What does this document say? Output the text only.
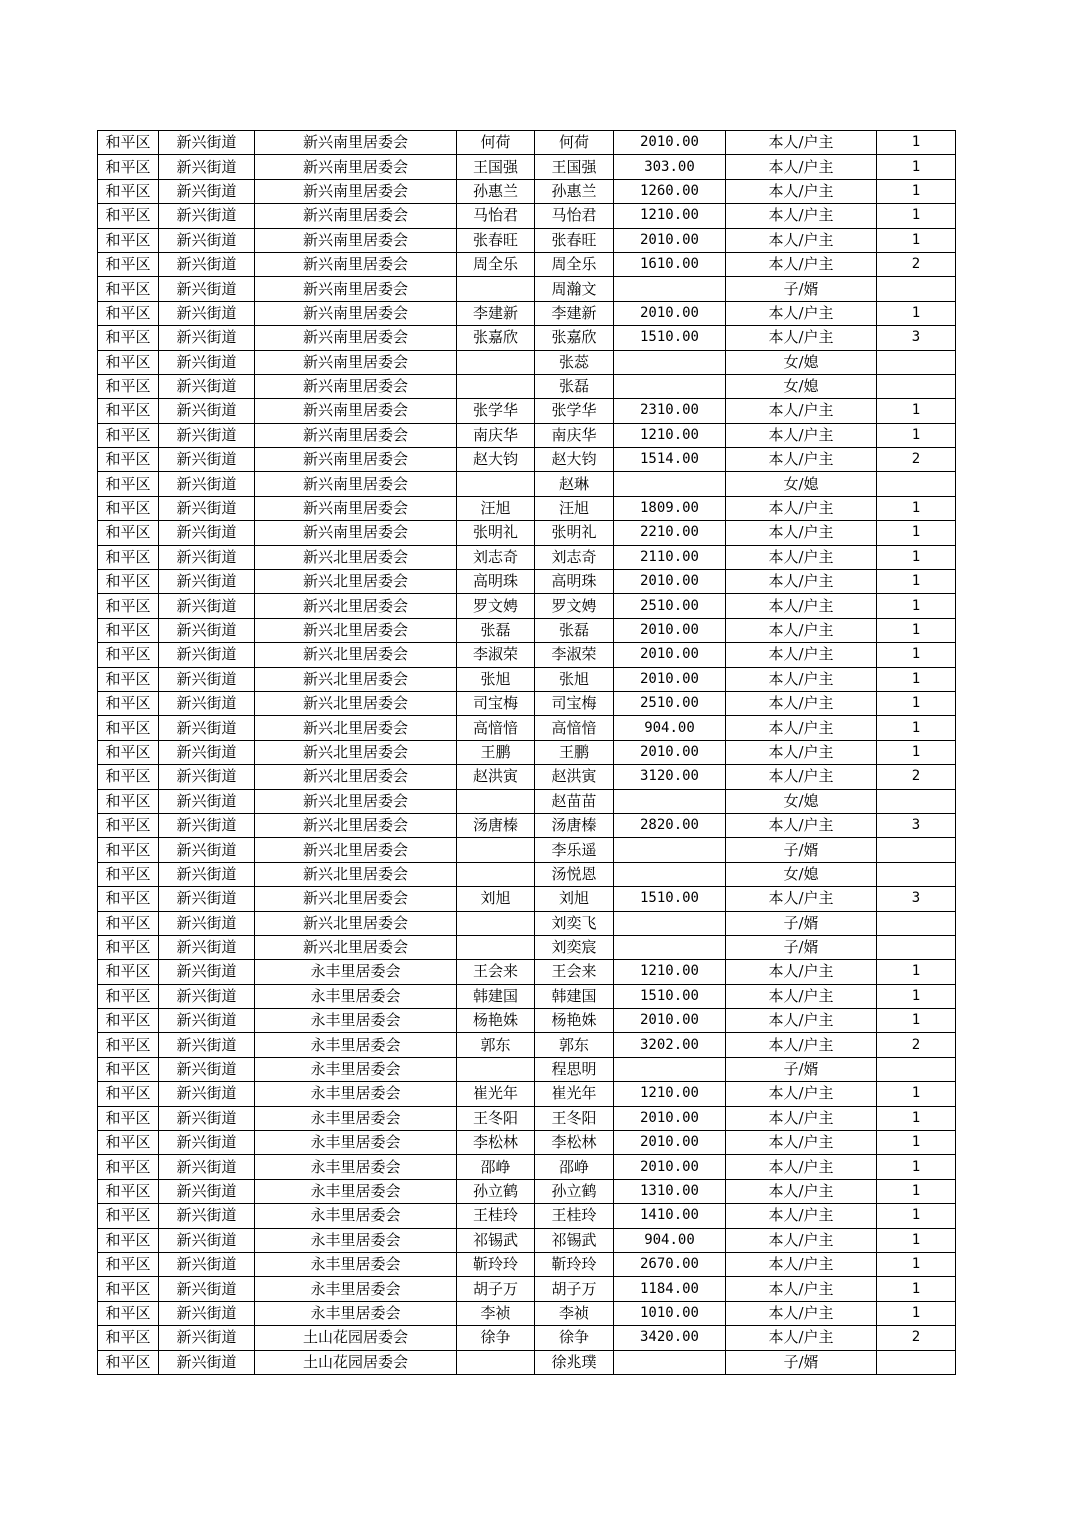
和平区	新兴街道	新兴南里居委会	何荷	何荷	2010.00	本人/户主	1
和平区	新兴街道	新兴南里居委会	王国强	王国强	303.00	本人/户主	1
和平区	新兴街道	新兴南里居委会	孙惠兰	孙惠兰	1260.00	本人/户主	1
和平区	新兴街道	新兴南里居委会	马怡君	马怡君	1210.00	本人/户主	1
和平区	新兴街道	新兴南里居委会	张春旺	张春旺	2010.00	本人/户主	1
和平区	新兴街道	新兴南里居委会	周全乐	周全乐	1610.00	本人/户主	2
和平区	新兴街道	新兴南里居委会		周瀚文		子/婿	
和平区	新兴街道	新兴南里居委会	李建新	李建新	2010.00	本人/户主	1
和平区	新兴街道	新兴南里居委会	张嘉欣	张嘉欣	1510.00	本人/户主	3
和平区	新兴街道	新兴南里居委会		张蕊		女/媳	
和平区	新兴街道	新兴南里居委会		张磊		女/媳	
和平区	新兴街道	新兴南里居委会	张学华	张学华	2310.00	本人/户主	1
和平区	新兴街道	新兴南里居委会	南庆华	南庆华	1210.00	本人/户主	1
和平区	新兴街道	新兴南里居委会	赵大钧	赵大钧	1514.00	本人/户主	2
和平区	新兴街道	新兴南里居委会		赵琳		女/媳	
和平区	新兴街道	新兴南里居委会	汪旭	汪旭	1809.00	本人/户主	1
和平区	新兴街道	新兴南里居委会	张明礼	张明礼	2210.00	本人/户主	1
和平区	新兴街道	新兴北里居委会	刘志奇	刘志奇	2110.00	本人/户主	1
和平区	新兴街道	新兴北里居委会	高明珠	高明珠	2010.00	本人/户主	1
和平区	新兴街道	新兴北里居委会	罗文娉	罗文娉	2510.00	本人/户主	1
和平区	新兴街道	新兴北里居委会	张磊	张磊	2010.00	本人/户主	1
和平区	新兴街道	新兴北里居委会	李淑荣	李淑荣	2010.00	本人/户主	1
和平区	新兴街道	新兴北里居委会	张旭	张旭	2010.00	本人/户主	1
和平区	新兴街道	新兴北里居委会	司宝梅	司宝梅	2510.00	本人/户主	1
和平区	新兴街道	新兴北里居委会	高愔愔	高愔愔	904.00	本人/户主	1
和平区	新兴街道	新兴北里居委会	王鹏	王鹏	2010.00	本人/户主	1
和平区	新兴街道	新兴北里居委会	赵洪寅	赵洪寅	3120.00	本人/户主	2
和平区	新兴街道	新兴北里居委会		赵苗苗		女/媳	
和平区	新兴街道	新兴北里居委会	汤唐榛	汤唐榛	2820.00	本人/户主	3
和平区	新兴街道	新兴北里居委会		李乐遥		子/婿	
和平区	新兴街道	新兴北里居委会		汤悦恩		女/媳	
和平区	新兴街道	新兴北里居委会	刘旭	刘旭	1510.00	本人/户主	3
和平区	新兴街道	新兴北里居委会		刘奕飞		子/婿	
和平区	新兴街道	新兴北里居委会		刘奕宸		子/婿	
和平区	新兴街道	永丰里居委会	王会来	王会来	1210.00	本人/户主	1
和平区	新兴街道	永丰里居委会	韩建国	韩建国	1510.00	本人/户主	1
和平区	新兴街道	永丰里居委会	杨艳姝	杨艳姝	2010.00	本人/户主	1
和平区	新兴街道	永丰里居委会	郭东	郭东	3202.00	本人/户主	2
和平区	新兴街道	永丰里居委会		程思明		子/婿	
和平区	新兴街道	永丰里居委会	崔光年	崔光年	1210.00	本人/户主	1
和平区	新兴街道	永丰里居委会	王冬阳	王冬阳	2010.00	本人/户主	1
和平区	新兴街道	永丰里居委会	李松林	李松林	2010.00	本人/户主	1
和平区	新兴街道	永丰里居委会	邵峥	邵峥	2010.00	本人/户主	1
和平区	新兴街道	永丰里居委会	孙立鹤	孙立鹤	1310.00	本人/户主	1
和平区	新兴街道	永丰里居委会	王桂玲	王桂玲	1410.00	本人/户主	1
和平区	新兴街道	永丰里居委会	祁锡武	祁锡武	904.00	本人/户主	1
和平区	新兴街道	永丰里居委会	靳玲玲	靳玲玲	2670.00	本人/户主	1
和平区	新兴街道	永丰里居委会	胡子万	胡子万	1184.00	本人/户主	1
和平区	新兴街道	永丰里居委会	李祯	李祯	1010.00	本人/户主	1
和平区	新兴街道	土山花园居委会	徐争	徐争	3420.00	本人/户主	2
和平区	新兴街道	土山花园居委会		徐兆璞		子/婿	
